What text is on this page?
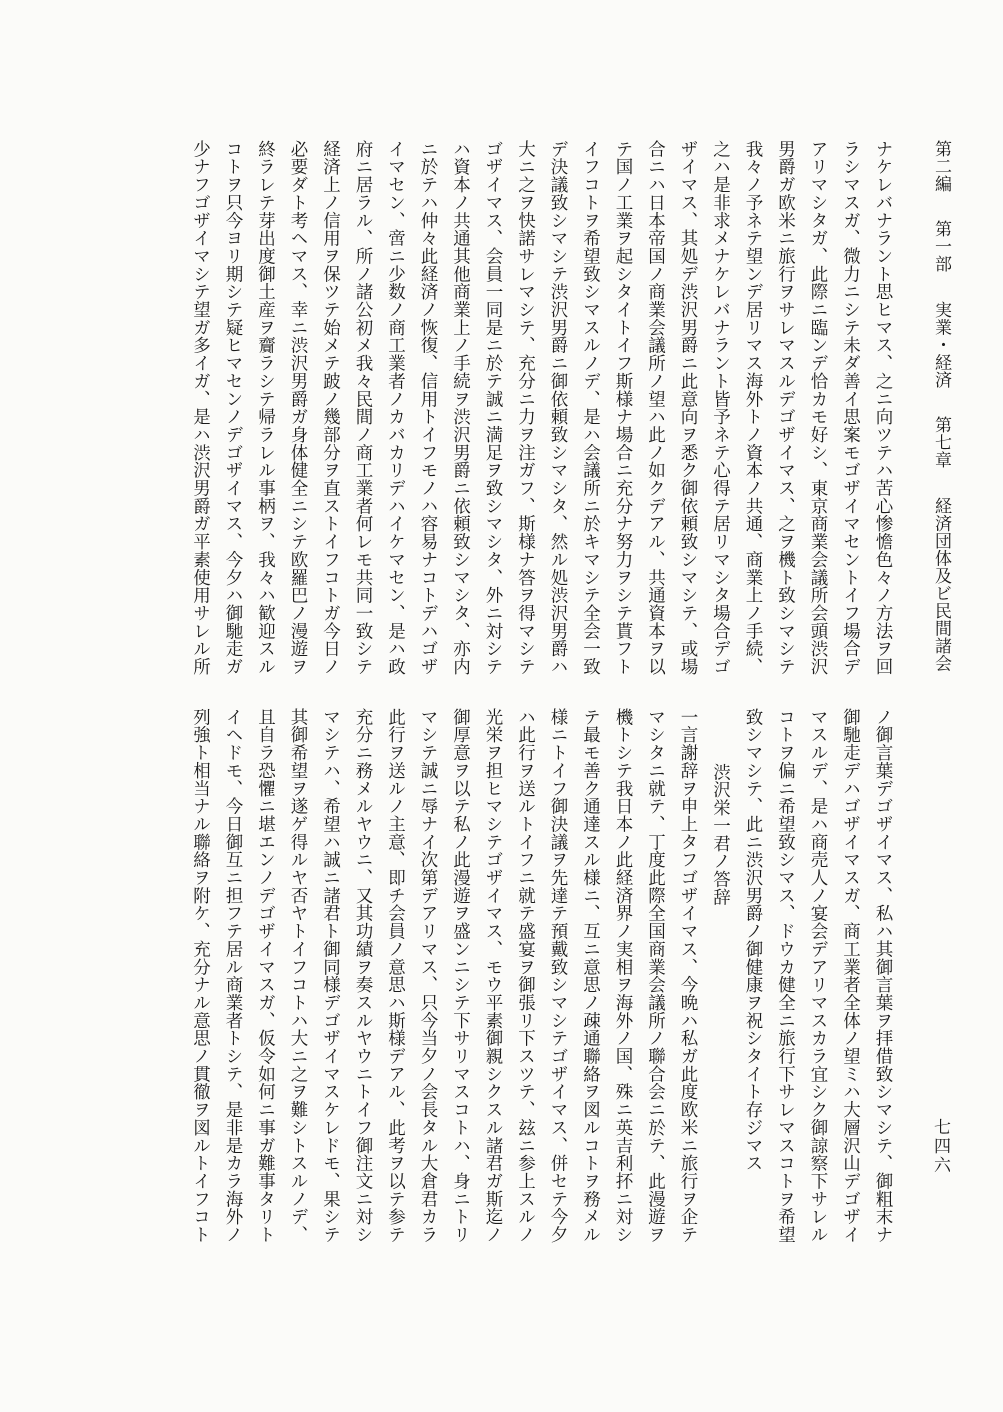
第二編 第一部 実業・経済 第七章 経済団体及ビ民間諸会
七四六
ナケレバナラント思ヒマス、之ニ向ツテハ苦心惨憺色々ノ方法ヲ回
ラシマスガ、微力ニシテ未ダ善イ思案モゴザイマセントイフ場合デ
アリマシタガ、此際ニ臨ンデ恰カモ好シ、東京商業会議所会頭渋沢
男爵ガ欧米ニ旅行ヲサレマスルデゴザイマス、之ヲ機ト致シマシテ
我々ノ予ネテ望ンデ居リマス海外トノ資本ノ共通、商業上ノ手続、
之ハ是非求メナケレバナラント皆予ネテ心得テ居リマシタ場合デゴ
ザイマス、其処デ渋沢男爵ニ此意向ヲ悉ク御依頼致シマシテ、或場
合ニハ日本帝国ノ商業会議所ノ望ハ此ノ如クデアル、共通資本ヲ以
テ国ノ工業ヲ起シタイトイフ斯様ナ場合ニ充分ナ努力ヲシテ貰フト
イフコトヲ希望致シマスルノデ、是ハ会議所ニ於キマシテ全会一致
デ決議致シマシテ渋沢男爵ニ御依頼致シマシタ、然ル処渋沢男爵ハ
大ニ之ヲ快諾サレマシテ、充分ニ力ヲ注ガフ、斯様ナ答ヲ得マシテ
ゴザイマス、会員一同是ニ於テ誠ニ満足ヲ致シマシタ、外ニ対シテ
ハ資本ノ共通其他商業上ノ手続ヲ渋沢男爵ニ依頼致シマシタ、亦内
ニ於テハ仲々此経済ノ恢復、信用トイフモノハ容易ナコトデハゴザ
イマセン、啻ニ少数ノ商工業者ノカバカリデハイケマセン、是ハ政
府ニ居ラル、所ノ諸公初メ我々民間ノ商工業者何レモ共同一致シテ
経済上ノ信用ヲ保ツテ始メテ跛ノ幾部分ヲ直ストイフコトガ今日ノ
必要ダト考ヘマス、幸ニ渋沢男爵ガ身体健全ニシテ欧羅巴ノ漫遊ヲ
終ラレテ芽出度御土産ヲ齎ラシテ帰ラレル事柄ヲ、我々ハ歓迎スル
コトヲ只今ヨリ期シテ疑ヒマセンノデゴザイマス、今夕ハ御馳走ガ
少ナフゴザイマシテ望ガ多イガ、是ハ渋沢男爵ガ平素使用サレル所
ノ御言葉デゴザイマス、私ハ其御言葉ヲ拝借致シマシテ、御粗末ナ
御馳走デハゴザイマスガ、商工業者全体ノ望ミハ大層沢山デゴザイ
マスルデ、是ハ商売人ノ宴会デアリマスカラ宜シク御諒察下サレル
コトヲ偏ニ希望致シマス、ドウカ健全ニ旅行下サレマスコトヲ希望
致シマシテ、此ニ渋沢男爵ノ御健康ヲ祝シタイト存ジマス
渋沢栄一君ノ答辞
一言謝辞ヲ申上タフゴザイマス、今晩ハ私ガ此度欧米ニ旅行ヲ企テ
マシタニ就テ、丁度此際全国商業会議所ノ聯合会ニ於テ、此漫遊ヲ
機トシテ我日本ノ此経済界ノ実相ヲ海外ノ国、殊ニ英吉利抔ニ対シ
テ最モ善ク通達スル様ニ、互ニ意思ノ疎通聯絡ヲ図ルコトヲ務メル
様ニトイフ御決議ヲ先達テ預戴致シマシテゴザイマス、併セテ今夕
ハ此行ヲ送ルトイフニ就テ盛宴ヲ御張リ下スツテ、玆ニ参上スルノ
光栄ヲ担ヒマシテゴザイマス、モウ平素御親シクスル諸君ガ斯迄ノ
御厚意ヲ以テ私ノ此漫遊ヲ盛ンニシテ下サリマスコトハ、身ニトリ
マシテ誠ニ辱ナイ次第デアリマス、只今当夕ノ会長タル大倉君カラ
此行ヲ送ルノ主意、即チ会員ノ意思ハ斯様デアル、此考ヲ以テ参テ
充分ニ務メルヤウニ、又其功績ヲ奏スルヤウニトイフ御注文ニ対シ
マシテハ、希望ハ誠ニ諸君ト御同様デゴザイマスケレドモ、果シテ
其御希望ヲ遂ゲ得ルヤ否ヤトイフコトハ大ニ之ヲ難シトスルノデ、
且自ラ恐懼ニ堪エンノデゴザイマスガ、仮令如何ニ事ガ難事タリト
イヘドモ、今日御互ニ担フテ居ル商業者トシテ、是非是カラ海外ノ
列強ト相当ナル聯絡ヲ附ケ、充分ナル意思ノ貫徹ヲ図ルトイフコト
